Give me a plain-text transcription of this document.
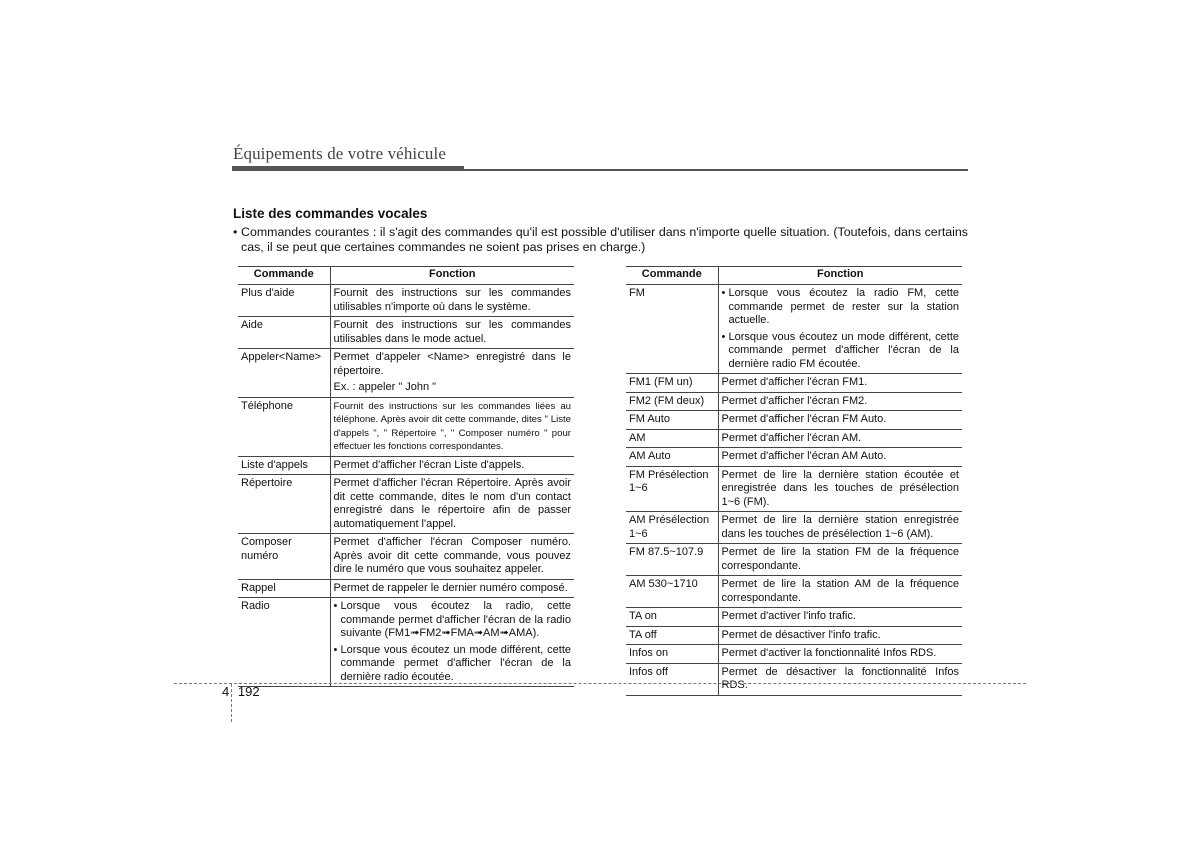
Équipements de votre véhicule
Liste des commandes vocales
• Commandes courantes : il s'agit des commandes qu'il est possible d'utiliser dans n'importe quelle situation. (Toutefois, dans certains cas, il se peut que certaines commandes ne soient pas prises en charge.)
Commande	Fonction
Plus d'aide	Fournit des instructions sur les commandes utilisables n'importe où dans le système.

Aide	Fournit des instructions sur les commandes utilisables dans le mode actuel.

Appeler<Name>	Permet d'appeler <Name> enregistré dans le répertoire.
Ex. : appeler " John "

Téléphone	Fournit des instructions sur les commandes liées au téléphone. Après avoir dit cette commande, dites " Liste d'appels ", " Répertoire ", " Composer numéro " pour effectuer les fonctions correspondantes.

Liste d'appels	Permet d'afficher l'écran Liste d'appels.

Répertoire	Permet d'afficher l'écran Répertoire. Après avoir dit cette commande, dites le nom d'un contact enregistré dans le répertoire afin de passer automatiquement l'appel.

Composer numéro	Permet d'afficher l'écran Composer numéro. Après avoir dit cette commande, vous pouvez dire le numéro que vous souhaitez appeler.

Rappel	Permet de rappeler le dernier numéro composé.

Radio	• Lorsque vous écoutez la radio, cette commande permet d'afficher l'écran de la radio suivante (FM1➟FM2➟FMA➟AM➟AMA).
• Lorsque vous écoutez un mode différent, cette commande permet d'afficher l'écran de la dernière radio écoutée.
Commande	Fonction
FM	• Lorsque vous écoutez la radio FM, cette commande permet de rester sur la station actuelle.
• Lorsque vous écoutez un mode différent, cette commande permet d'afficher l'écran de la dernière radio FM écoutée.

FM1 (FM un)	Permet d'afficher l'écran FM1.

FM2 (FM deux)	Permet d'afficher l'écran FM2.

FM Auto	Permet d'afficher l'écran FM Auto.

AM	Permet d'afficher l'écran AM.

AM Auto	Permet d'afficher l'écran AM Auto.

FM Présélection 1~6	Permet de lire la dernière station écoutée et enregistrée dans les touches de présélection 1~6 (FM).

AM Présélection 1~6	Permet de lire la dernière station enregistrée dans les touches de présélection 1~6 (AM).

FM 87.5~107.9	Permet de lire la station FM de la fréquence correspondante.

AM 530~1710	Permet de lire la station AM de la fréquence correspondante.

TA on	Permet d'activer l'info trafic.

TA off	Permet de désactiver l'info trafic.

Infos on	Permet d'activer la fonctionnalité Infos RDS.

Infos off	Permet de désactiver la fonctionnalité Infos RDS.
4 192
